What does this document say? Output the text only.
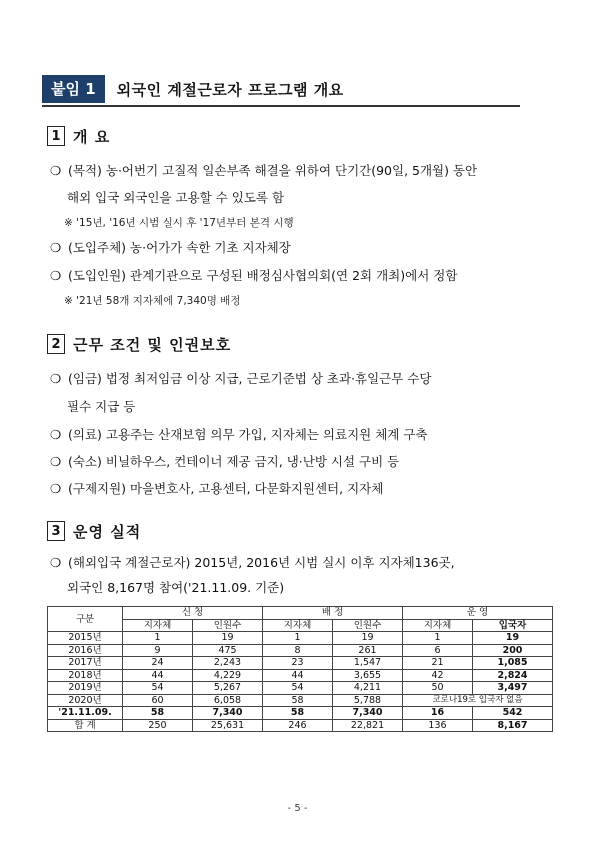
붙임 1	외국인 계절근로자 프로그램 개요
1 개 요
❍ (목적) 농·어번기 고질적 일손부족 해결을 위하여 단기간(90일, 5개월) 동안
해외 입국 외국인을 고용할 수 있도록 함
※ '15년, '16년 시범 실시 후 '17년부터 본격 시행
❍ (도입주체) 농·어가가 속한 기초 지자체장
❍ (도입인원) 관계기관으로 구성된 배정심사협의회(연 2회 개최)에서 정함
※ '21년 58개 지자체에 7,340명 배정
2 근무 조건 및 인권보호
❍ (임금) 법정 최저임금 이상 지급, 근로기준법 상 초과·휴일근무 수당
필수 지급 등
❍ (의료) 고용주는 산재보험 의무 가입, 지자체는 의료지원 체계 구축
❍ (숙소) 비닐하우스, 컨테이너 제공 금지, 냉·난방 시설 구비 등
❍ (구제지원) 마을변호사, 고용센터, 다문화지원센터, 지자체
3 운영 실적
❍ (해외입국 계절근로자) 2015년, 2016년 시범 실시 이후 지자체136곳,
외국인 8,167명 참여('21.11.09. 기준)
구분	신 청		배 정		운 영	
	지자체	인원수	지자체	인원수	지자체	입국자
2015년	1	19	1	19	1	19
2016년	9	475	8	261	6	200
2017년	24	2,243	23	1,547	21	1,085
2018년	44	4,229	44	3,655	42	2,824
2019년	54	5,267	54	4,211	50	3,497
2020년	60	6,058	58	5,788	코로나19로 입국자 없음	
'21.11.09.	58	7,340	58	7,340	16	542
합 계	250	25,631	246	22,821	136	8,167
- 5 -
